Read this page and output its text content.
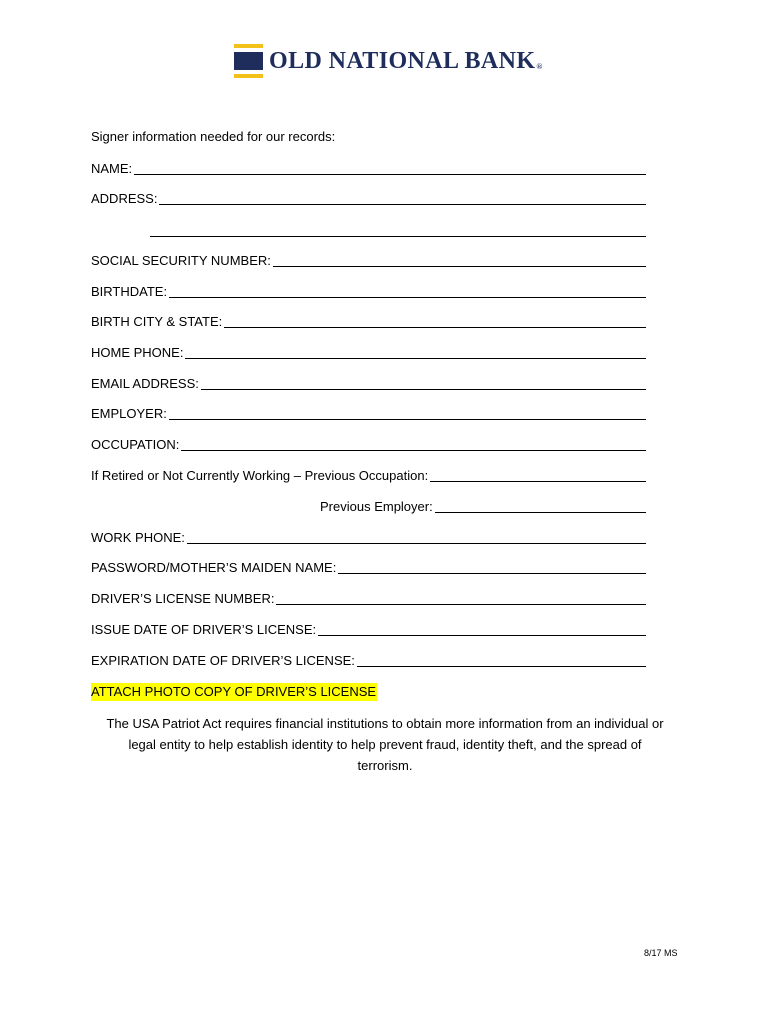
OLD NATIONAL BANK®
Signer information needed for our records:
NAME:
ADDRESS:
SOCIAL SECURITY NUMBER:
BIRTHDATE:
BIRTH CITY & STATE:
HOME PHONE:
EMAIL ADDRESS:
EMPLOYER:
OCCUPATION:
If Retired or Not Currently Working – Previous Occupation:
Previous Employer:
WORK PHONE:
PASSWORD/MOTHER’S MAIDEN NAME:
DRIVER’S LICENSE NUMBER:
ISSUE DATE OF DRIVER’S LICENSE:
EXPIRATION DATE OF DRIVER’S LICENSE:
ATTACH PHOTO COPY OF DRIVER’S LICENSE
The USA Patriot Act requires financial institutions to obtain more information from an individual or legal entity to help establish identity to help prevent fraud, identity theft, and the spread of terrorism.
8/17 MS
